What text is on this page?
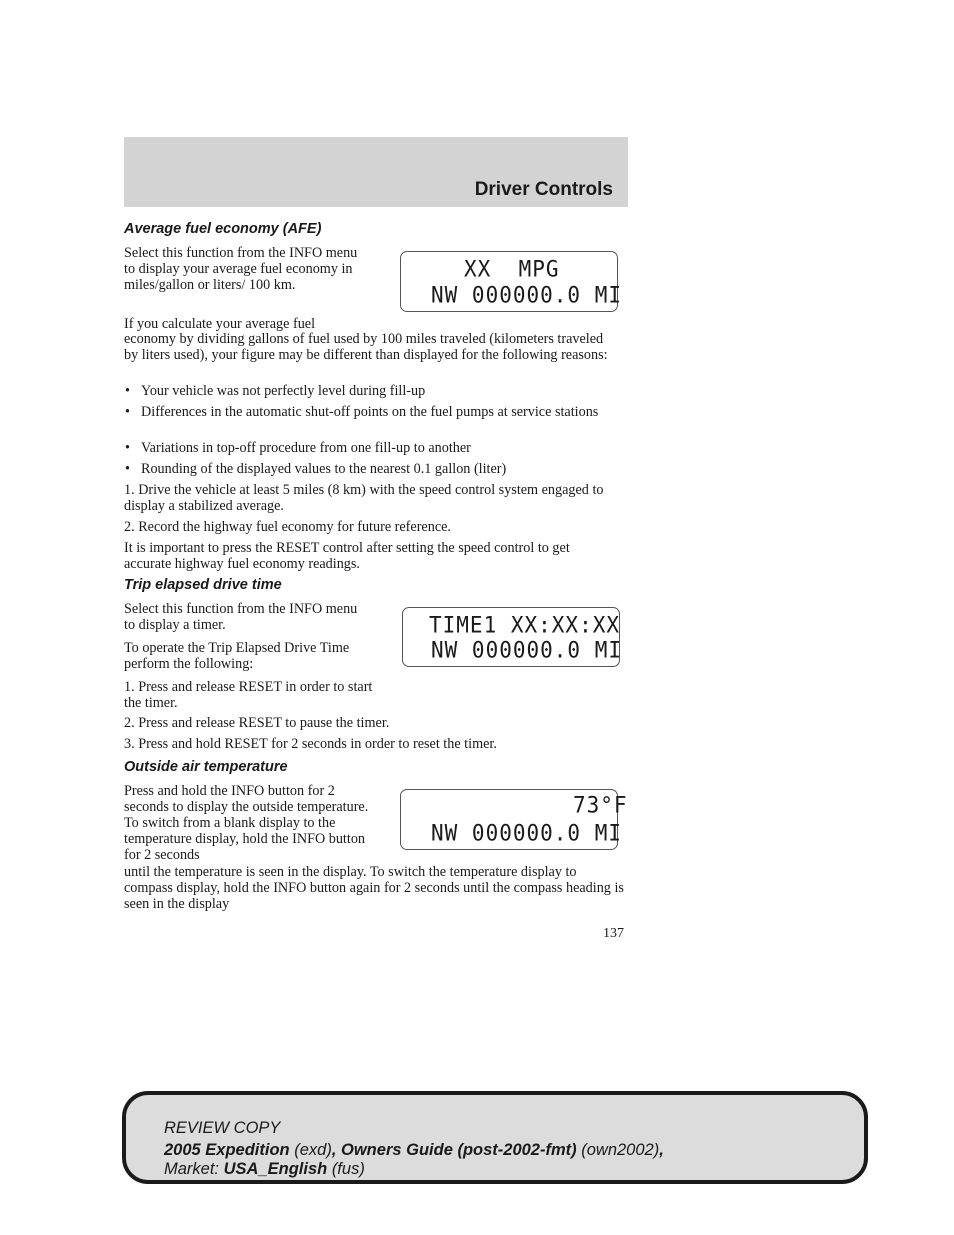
Driver Controls
Average fuel economy (AFE)
Select this function from the INFO menu to display your average fuel economy in miles/gallon or liters/ 100 km.
XX  MPG
NW 000000.0 MI
If you calculate your average fuel
economy by dividing gallons of fuel used by 100 miles traveled (kilometers traveled by liters used), your figure may be different than displayed for the following reasons:
• Your vehicle was not perfectly level during fill-up
• Differences in the automatic shut-off points on the fuel pumps at service stations
• Variations in top-off procedure from one fill-up to another
• Rounding of the displayed values to the nearest 0.1 gallon (liter)
1. Drive the vehicle at least 5 miles (8 km) with the speed control system engaged to display a stabilized average.
2. Record the highway fuel economy for future reference.
It is important to press the RESET control after setting the speed control to get accurate highway fuel economy readings.
Trip elapsed drive time
Select this function from the INFO menu to display a timer.	TIME1 XX:XX:XX
NW 000000.0 MI
To operate the Trip Elapsed Drive Time perform the following:
1. Press and release RESET in order to start the timer.
2. Press and release RESET to pause the timer.
3. Press and hold RESET for 2 seconds in order to reset the timer.
Outside air temperature
Press and hold the INFO button for 2 seconds to display the outside temperature. To switch from a blank display to the temperature display, hold the INFO button for 2 seconds
73°F
NW 000000.0 MI
until the temperature is seen in the display. To switch the temperature display to compass display, hold the INFO button again for 2 seconds until the compass heading is seen in the display
137
REVIEW COPY
2005 Expedition (exd), Owners Guide (post-2002-fmt) (own2002),
Market: USA_English (fus)
